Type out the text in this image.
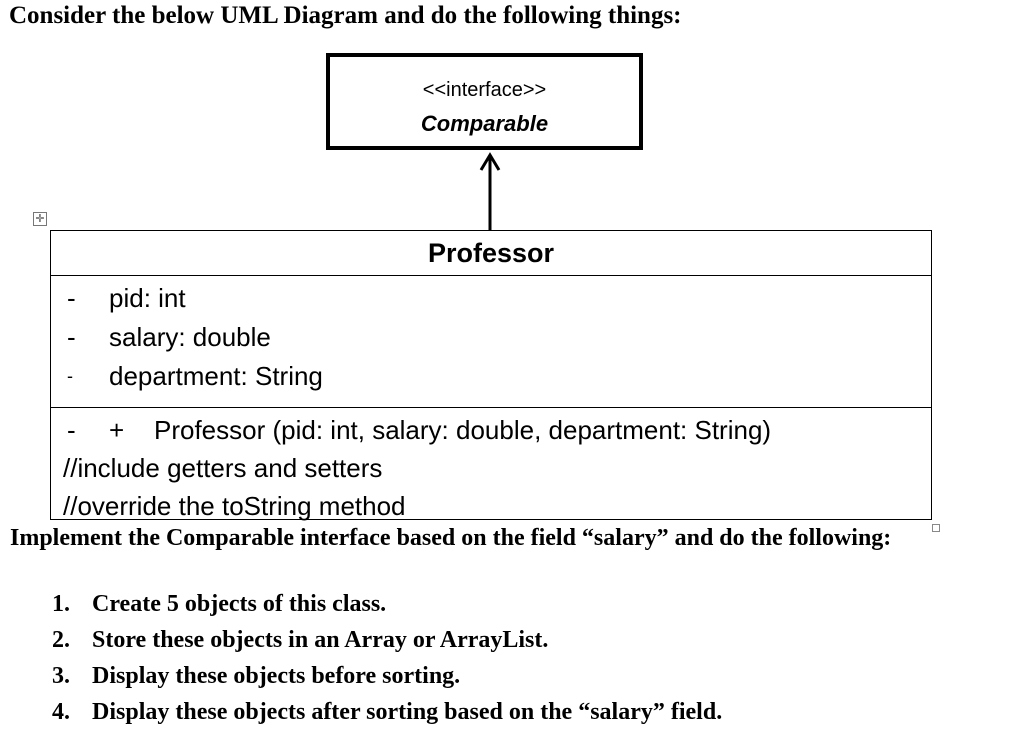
Consider the below UML Diagram and do the following things:
<<interface>>
Comparable
✛
Professor
- pid: int
- salary: double
- department: String
- + Professor (pid: int, salary: double, department: String)
//include getters and setters
//override the toString method
Implement the Comparable interface based on the field “salary” and do the following:
1. Create 5 objects of this class.
2. Store these objects in an Array or ArrayList.
3. Display these objects before sorting.
4. Display these objects after sorting based on the “salary” field.
